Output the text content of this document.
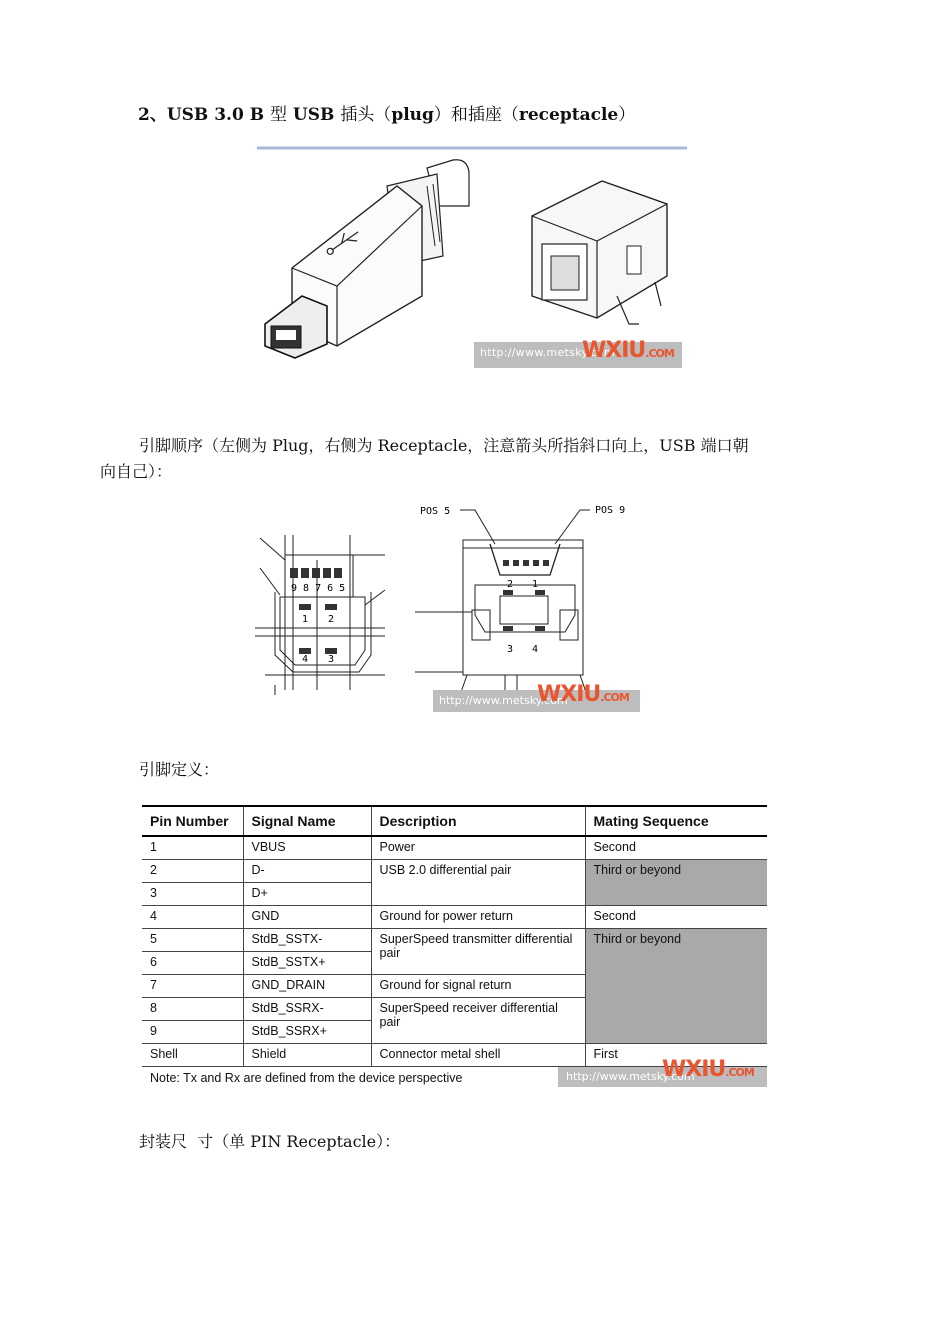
2、USB 3.0 B 型 USB 插头（plug）和插座（receptacle）
http://www.metsky.com
WXIU.COM
引脚顺序（左侧为 Plug，右侧为 Receptacle，注意箭头所指斜口向上，USB 端口朝
向自己）：
9 8 7 6 5
1 2
4 3
POS 5	POS 9
2 1
3 4
http://www.metsky.com
WXIU.COM
引脚定义：
Pin Number	Signal Name	Description	Mating Sequence
1	VBUS	Power	Second
2	D-	USB 2.0 differential pair	Third or beyond
3	D+		
4	GND	Ground for power return	Second
5	StdB_SSTX-	SuperSpeed transmitter differential pair	Third or beyond
6	StdB_SSTX+		
7	GND_DRAIN	Ground for signal return	
8	StdB_SSRX-	SuperSpeed receiver differential pair	
9	StdB_SSRX+		
Shell	Shield	Connector metal shell	First
Note: Tx and Rx are defined from the device perspective	http://www.metsky.com
WXIU.COM
封装尺  寸（单 PIN Receptacle）：
